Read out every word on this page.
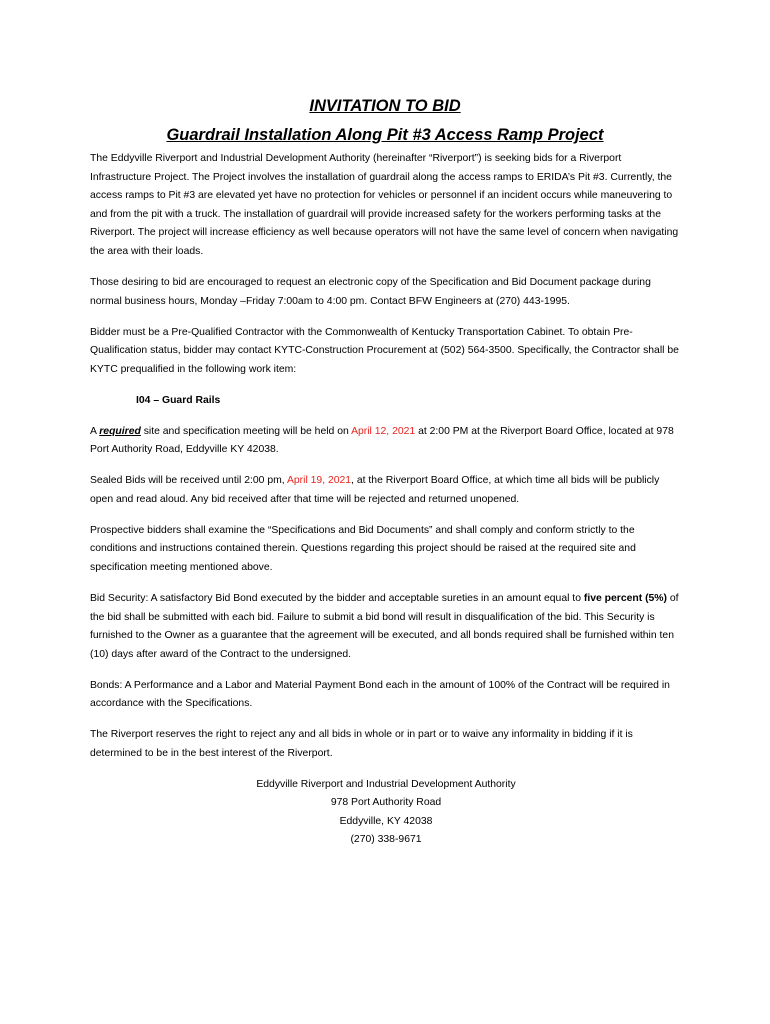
INVITATION TO BID
Guardrail Installation Along Pit #3 Access Ramp Project

The Eddyville Riverport and Industrial Development Authority (hereinafter “Riverport”) is seeking bids for a Riverport Infrastructure Project. The Project involves the installation of guardrail along the access ramps to ERIDA’s Pit #3. Currently, the access ramps to Pit #3 are elevated yet have no protection for vehicles or personnel if an incident occurs while maneuvering to and from the pit with a truck. The installation of guardrail will provide increased safety for the workers performing tasks at the Riverport. The project will increase efficiency as well because operators will not have the same level of concern when navigating the area with their loads.

Those desiring to bid are encouraged to request an electronic copy of the Specification and Bid Document package during normal business hours, Monday –Friday 7:00am to 4:00 pm. Contact BFW Engineers at (270) 443-1995.

Bidder must be a Pre-Qualified Contractor with the Commonwealth of Kentucky Transportation Cabinet. To obtain Pre-Qualification status, bidder may contact KYTC-Construction Procurement at (502) 564-3500. Specifically, the Contractor shall be KYTC prequalified in the following work item:

I04 – Guard Rails

A required site and specification meeting will be held on April 12, 2021 at 2:00 PM at the Riverport Board Office, located at 978 Port Authority Road, Eddyville KY 42038.

Sealed Bids will be received until 2:00 pm, April 19, 2021, at the Riverport Board Office, at which time all bids will be publicly open and read aloud. Any bid received after that time will be rejected and returned unopened.

Prospective bidders shall examine the “Specifications and Bid Documents” and shall comply and conform strictly to the conditions and instructions contained therein. Questions regarding this project should be raised at the required site and specification meeting mentioned above.

Bid Security: A satisfactory Bid Bond executed by the bidder and acceptable sureties in an amount equal to five percent (5%) of the bid shall be submitted with each bid. Failure to submit a bid bond will result in disqualification of the bid. This Security is furnished to the Owner as a guarantee that the agreement will be executed, and all bonds required shall be furnished within ten (10) days after award of the Contract to the undersigned.

Bonds: A Performance and a Labor and Material Payment Bond each in the amount of 100% of the Contract will be required in accordance with the Specifications.

The Riverport reserves the right to reject any and all bids in whole or in part or to waive any informality in bidding if it is determined to be in the best interest of the Riverport.

Eddyville Riverport and Industrial Development Authority
978 Port Authority Road
Eddyville, KY 42038
(270) 338-9671
